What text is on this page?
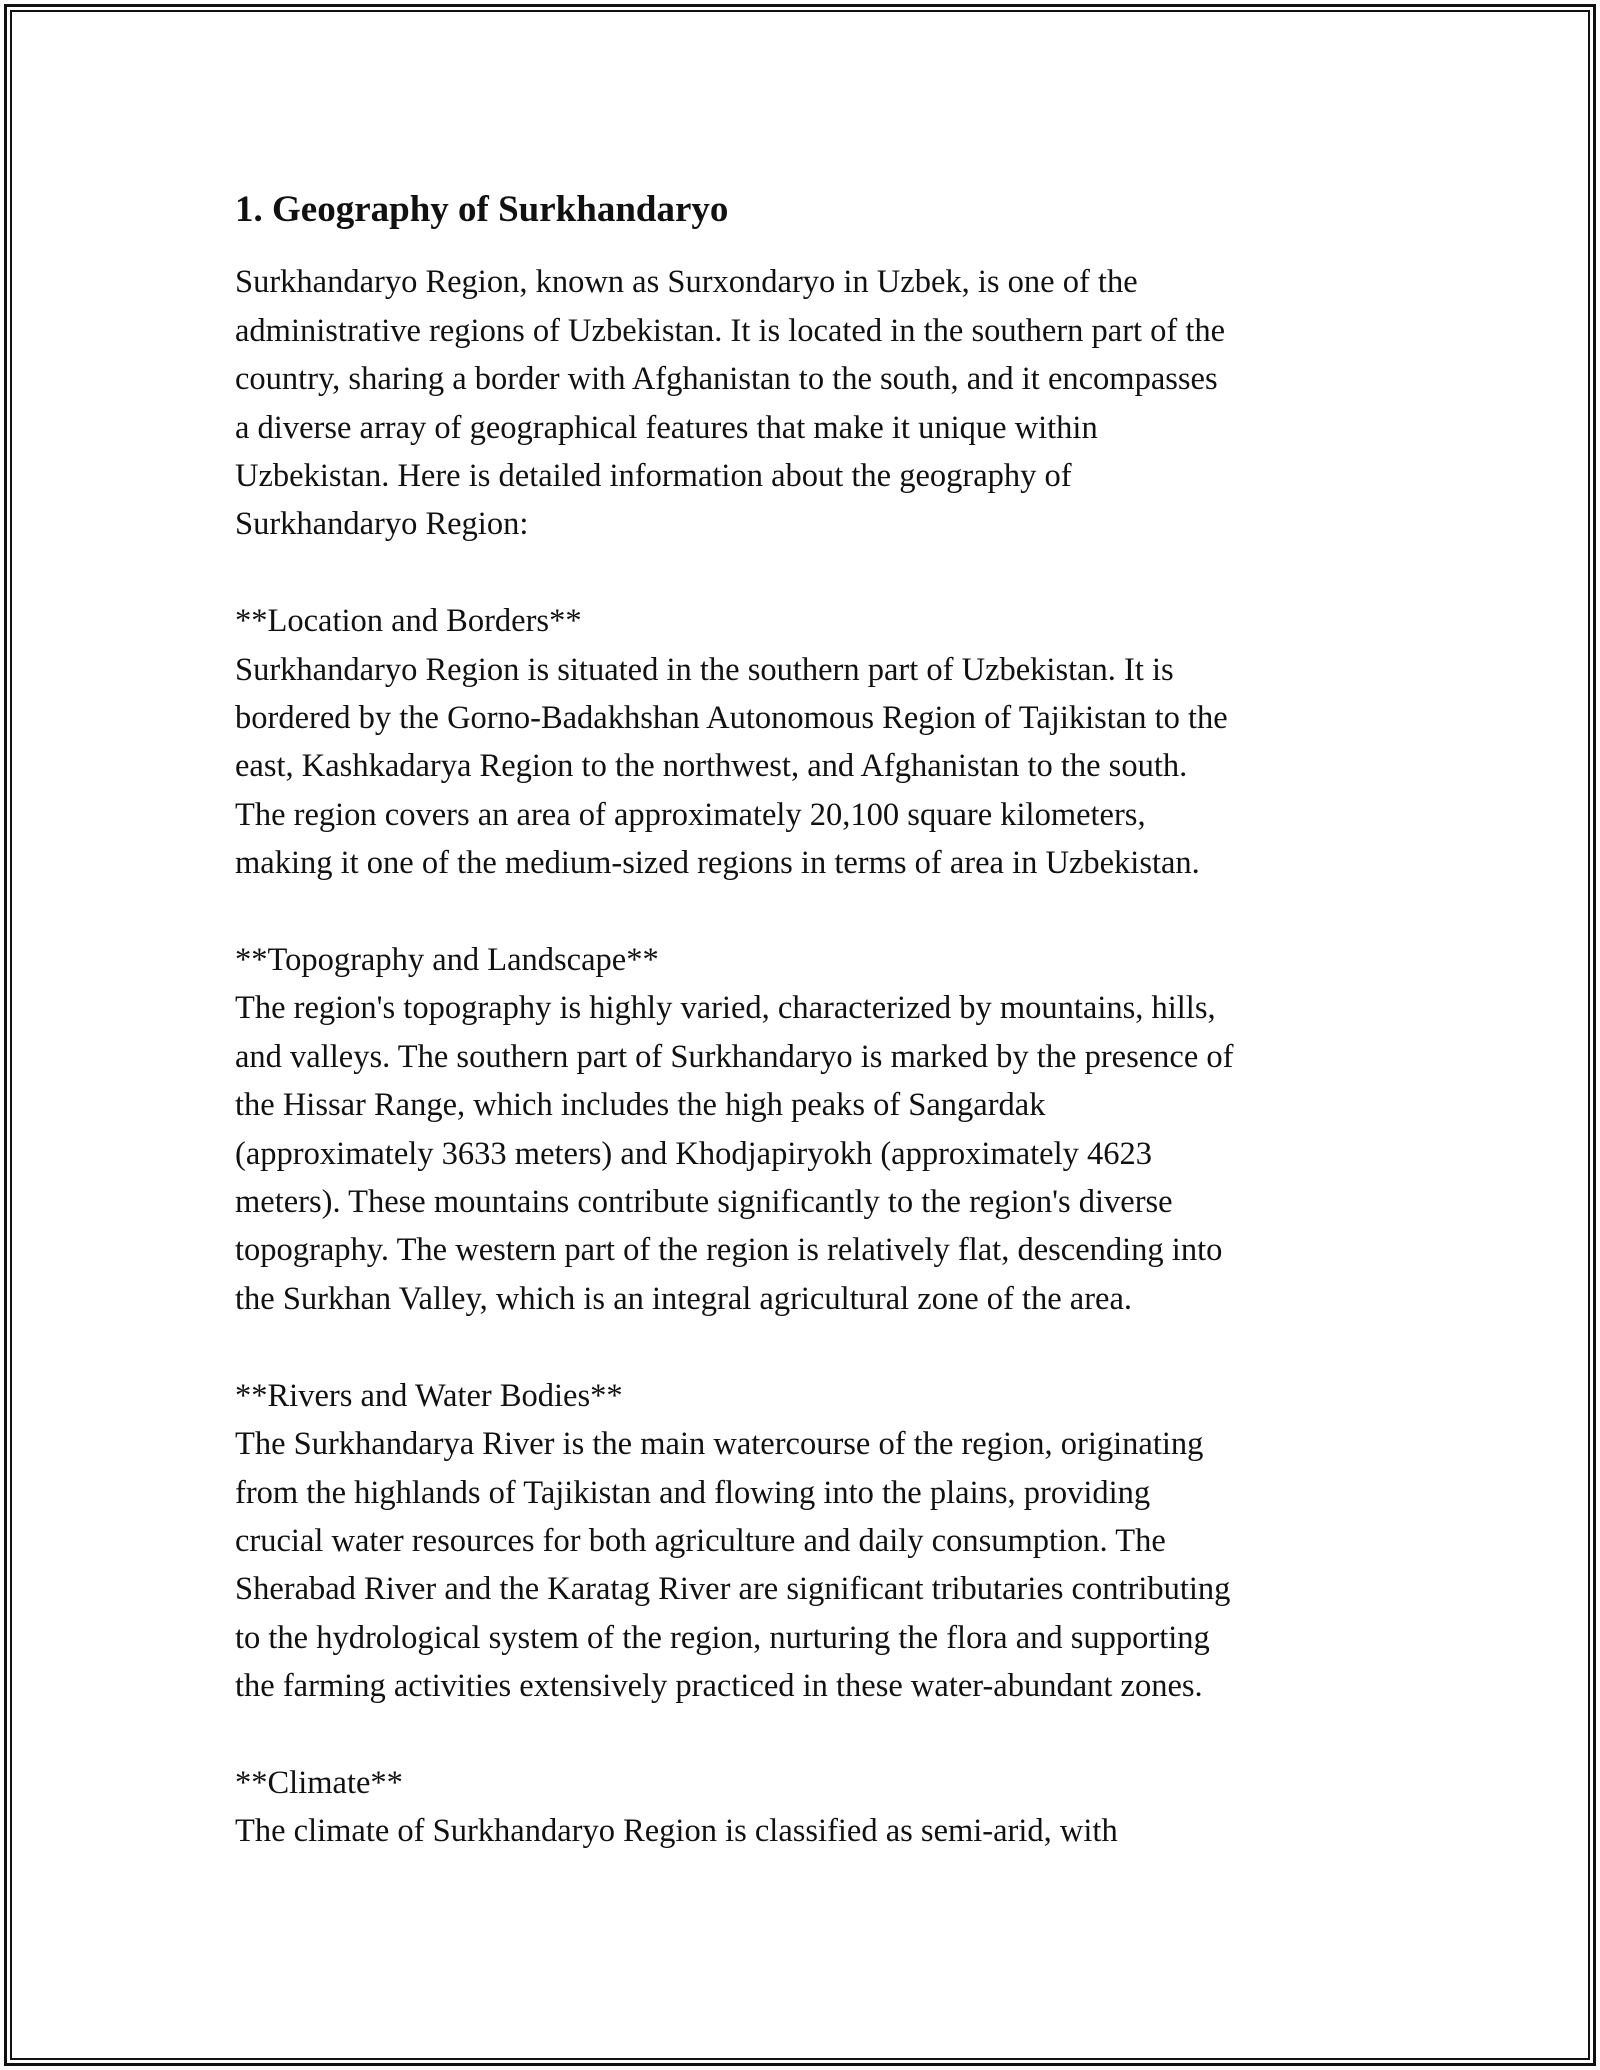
1. Geography of Surkhandaryo

Surkhandaryo Region, known as Surxondaryo in Uzbek, is one of the
administrative regions of Uzbekistan. It is located in the southern part of the
country, sharing a border with Afghanistan to the south, and it encompasses
a diverse array of geographical features that make it unique within
Uzbekistan. Here is detailed information about the geography of
Surkhandaryo Region:

**Location and Borders**

Surkhandaryo Region is situated in the southern part of Uzbekistan. It is
bordered by the Gorno-Badakhshan Autonomous Region of Tajikistan to the
east, Kashkadarya Region to the northwest, and Afghanistan to the south.
The region covers an area of approximately 20,100 square kilometers,
making it one of the medium-sized regions in terms of area in Uzbekistan.

**Topography and Landscape**

The region's topography is highly varied, characterized by mountains, hills,
and valleys. The southern part of Surkhandaryo is marked by the presence of
the Hissar Range, which includes the high peaks of Sangardak
(approximately 3633 meters) and Khodjapiryokh (approximately 4623
meters). These mountains contribute significantly to the region's diverse
topography. The western part of the region is relatively flat, descending into
the Surkhan Valley, which is an integral agricultural zone of the area.

**Rivers and Water Bodies**

The Surkhandarya River is the main watercourse of the region, originating
from the highlands of Tajikistan and flowing into the plains, providing
crucial water resources for both agriculture and daily consumption. The
Sherabad River and the Karatag River are significant tributaries contributing
to the hydrological system of the region, nurturing the flora and supporting
the farming activities extensively practiced in these water-abundant zones.

**Climate**

The climate of Surkhandaryo Region is classified as semi-arid, with
